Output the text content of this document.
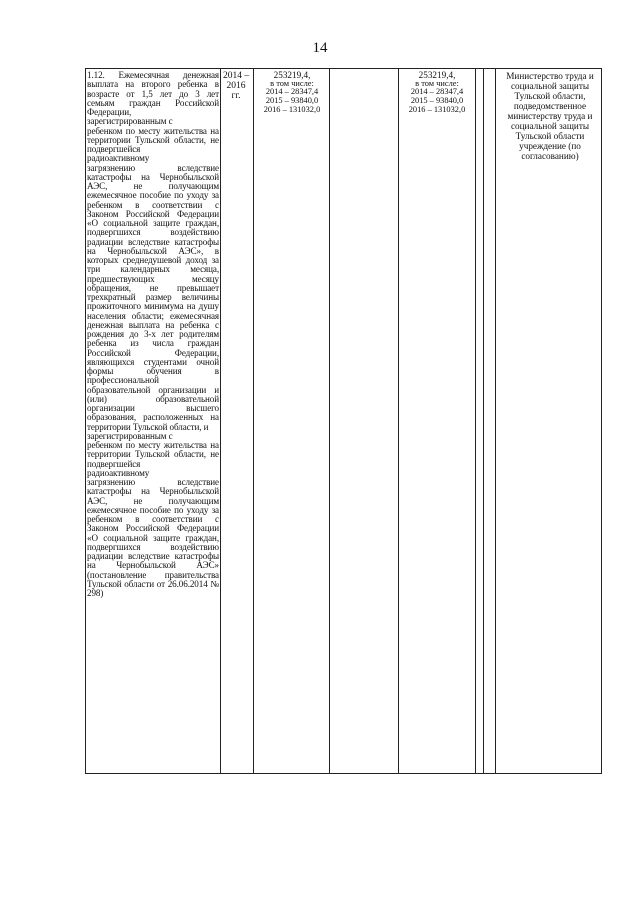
14
1.12. Ежемесячная денежная выплата на второго ребенка в возрасте от 1,5 лет до 3 лет семьям граждан Российской Федерации,
зарегистрированным с
ребенком по месту жительства на территории Тульской области, не подвергшейся
радиоактивному
загрязнению вследствие катастрофы на Чернобыльской АЭС, не получающим ежемесячное пособие по уходу за ребенком в соответствии с Законом Российской Федерации «О социальной защите граждан, подвергшихся воздействию радиации вследствие катастрофы на Чернобыльской АЭС», в которых среднедушевой доход за три календарных месяца, предшествующих месяцу обращения, не превышает трехкратный размер величины прожиточного минимума на душу населения области; ежемесячная денежная выплата на ребенка с рождения до 3-х лет родителям ребенка из числа граждан Российской Федерации, являющихся студентами очной формы обучения в профессиональной образовательной организации и (или) образовательной организации высшего образования, расположенных на территории Тульской области, и
зарегистрированным с
ребенком по месту жительства на территории Тульской области, не подвергшейся
радиоактивному
загрязнению вследствие катастрофы на Чернобыльской АЭС, не получающим ежемесячное пособие по уходу за ребенком в соответствии с Законом Российской Федерации «О социальной защите граждан, подвергшихся воздействию радиации вследствие катастрофы на Чернобыльской АЭС» (постановление правительства Тульской области от 26.06.2014 № 298)
2014 – 2016 гг.
253219,4,
в том числе:
2014 – 28347,4
2015 – 93840,0
2016 – 131032,0
253219,4,
в том числе:
2014 – 28347,4
2015 – 93840,0
2016 – 131032,0
Министерство труда и социальной защиты Тульской области, подведомственное министерству труда и социальной защиты Тульской области учреждение (по согласованию)
